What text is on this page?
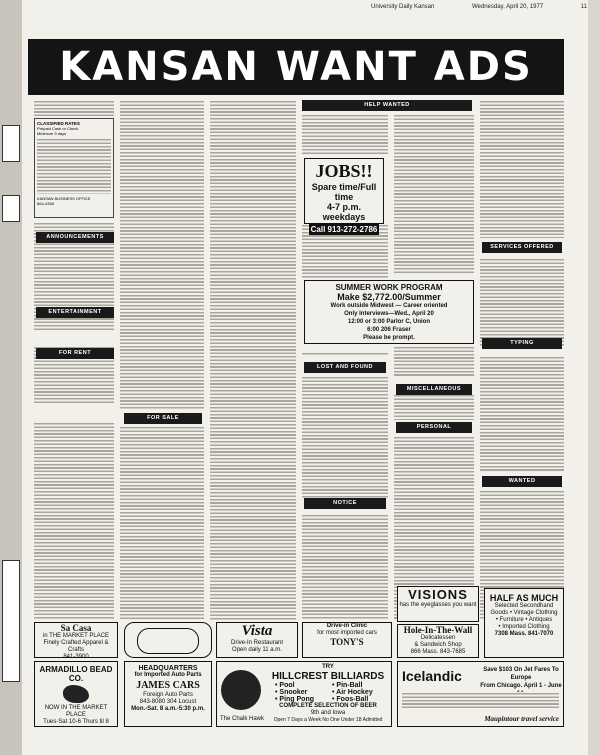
University Daily Kansan	Wednesday, April 20, 1977	11
KANSAN WANT ADS
CLASSIFIED RATES
Prepaid Cash or Check
Minimum 3 days
KANSAN BUSINESS OFFICE
864-4358
ANNOUNCEMENTS
ENTERTAINMENT
FOR RENT
FOR SALE
HELP WANTED
JOBS!!
Spare time/Full
time
4-7 p.m.
weekdays
Call 913-272-2786
SUMMER WORK PROGRAM
Make $2,772.00/Summer
Work outside Midwest — Career oriented
Only Interviews—Wed., April 20
12:00 or 3:00 Parlor C, Union
6:00 206 Fraser
Please be prompt.
LOST AND FOUND
NOTICE
MISCELLANEOUS
PERSONAL
SERVICES OFFERED
TYPING
WANTED
VISIONS
has the eyeglasses you want
HALF AS MUCH
Selected Secondhand
Goods • Vintage Clothing
• Furniture • Antiques
• Imported Clothing
7308 Mass. 841-7070
Hole-In-The-Wall
Delicatessen
& Sandwich Shop
866 Mass. 843-7685
Sa Casa
in THE MARKET PLACE
Finely Crafted Apparel & Crafts
841-3900
Vista
Drive-In Restaurant
Open daily 11 a.m.
Drive-in Clinic
for most imported cars
TONY'S
ARMADILLO BEAD CO.
NOW IN THE MARKET PLACE
Tues-Sat 10-6 Thurs til 8
HEADQUARTERS
for Imported Auto Parts
JAMES CARS
Foreign Auto Parts
843-8080 304 Locust
Mon.-Sat. 8 a.m.-5:30 p.m.
The Chalk Hawk
TRY
HILLCREST BILLIARDS
• Pool	• Pin-Ball
• Snooker	• Air Hockey
• Ping Pong	• Foos-Ball
COMPLETE SELECTION OF BEER
9th and Iowa
Open 7 Days a Week No One Under 18 Admitted
Icelandic	Save $103 On Jet Fares To Europe
From Chicago. April 1 - June
Maupintour travel service
